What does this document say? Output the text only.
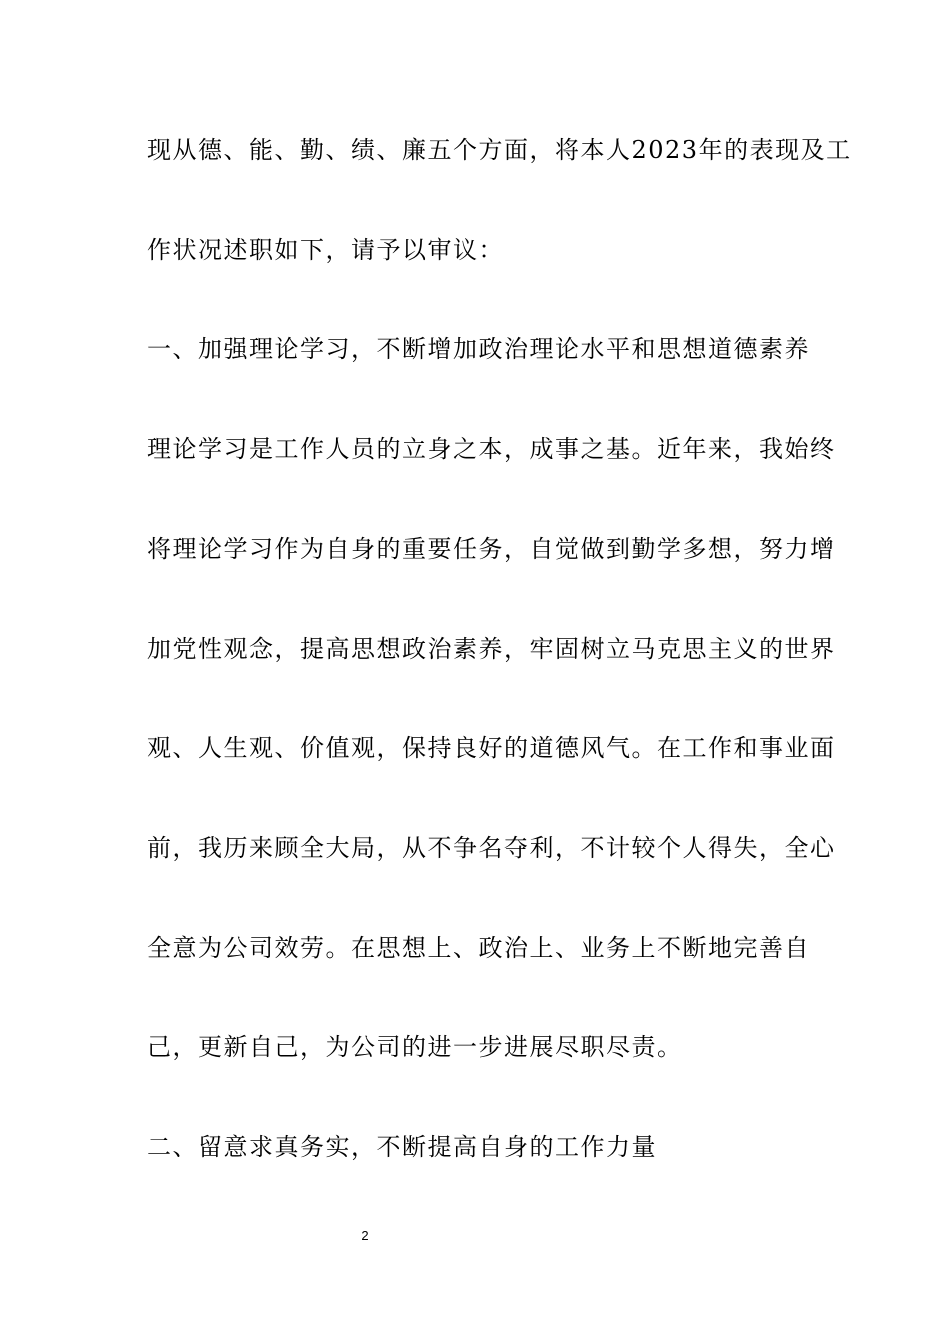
现从德、能、勤、绩、廉五个方面，将本人2023年的表现及工
作状况述职如下，请予以审议：
一、加强理论学习，不断增加政治理论水平和思想道德素养
理论学习是工作人员的立身之本，成事之基。近年来，我始终
将理论学习作为自身的重要任务，自觉做到勤学多想，努力增
加党性观念，提高思想政治素养，牢固树立马克思主义的世界
观、人生观、价值观，保持良好的道德风气。在工作和事业面
前，我历来顾全大局，从不争名夺利，不计较个人得失，全心
全意为公司效劳。在思想上、政治上、业务上不断地完善自
己，更新自己，为公司的进一步进展尽职尽责。
二、留意求真务实，不断提高自身的工作力量
2
